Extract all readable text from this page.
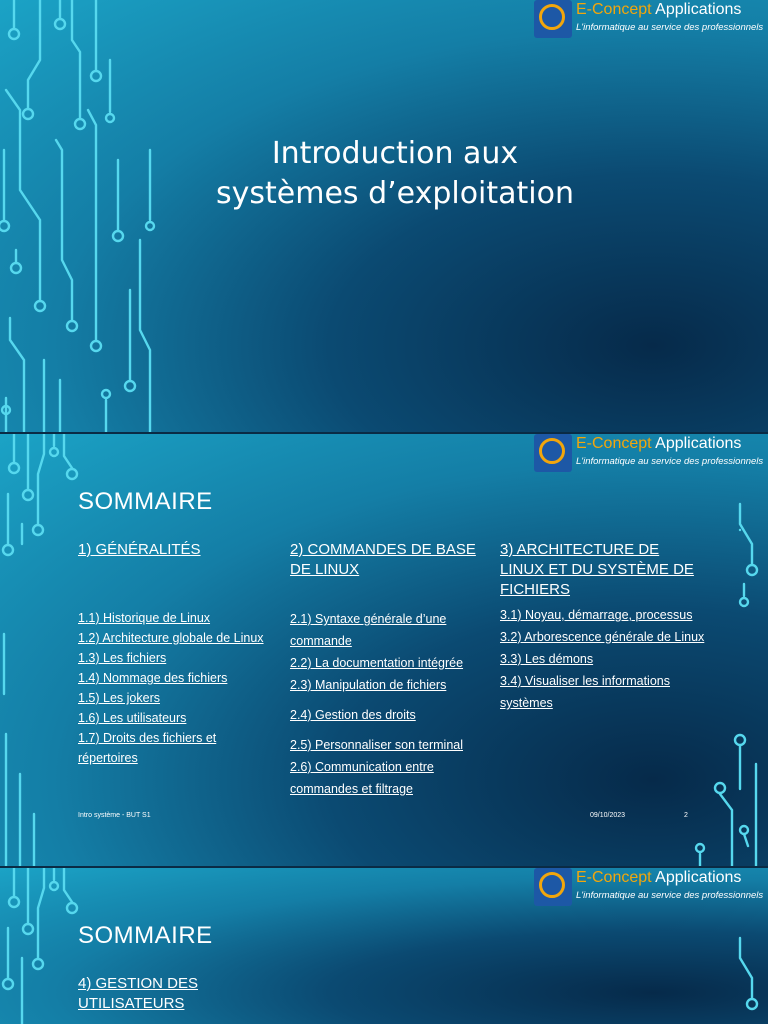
E-Concept Applications
L'informatique au service des professionnels
Introduction aux
systèmes d’exploitation
E-Concept Applications
L'informatique au service des professionnels
SOMMAIRE
1) GÉNÉRALITÉS
1.1) Historique de Linux
1.2) Architecture globale de Linux
1.3) Les fichiers
1.4) Nommage des fichiers
1.5) Les jokers
1.6) Les utilisateurs
1.7) Droits des fichiers et répertoires
2) COMMANDES DE BASE DE LINUX
2.1) Syntaxe générale d’une commande
2.2) La documentation intégrée
2.3) Manipulation de fichiers
2.4) Gestion des droits
2.5) Personnaliser son terminal
2.6) Communication entre commandes et filtrage
3) ARCHITECTURE DE LINUX ET DU SYSTÈME DE FICHIERS
3.1) Noyau, démarrage, processus
3.2) Arborescence générale de Linux
3.3) Les démons
3.4) Visualiser les informations systèmes
Intro système - BUT S1	09/10/2023	2
E-Concept Applications
L'informatique au service des professionnels
SOMMAIRE
4) GESTION DES UTILISATEURS
